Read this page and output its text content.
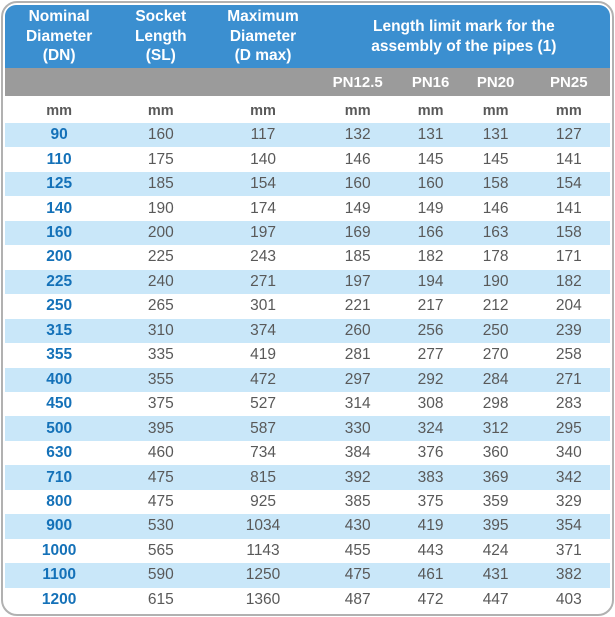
Nominal
Diameter
(DN)
Socket
Length
(SL)
Maximum
Diameter
(D max)
Length limit mark for the
assembly of the pipes (1)
PN12.5	PN16	PN20	PN25
mm	mm	mm	mm	mm	mm	mm
90	160	117	132	131	131	127
110	175	140	146	145	145	141
125	185	154	160	160	158	154
140	190	174	149	149	146	141
160	200	197	169	166	163	158
200	225	243	185	182	178	171
225	240	271	197	194	190	182
250	265	301	221	217	212	204
315	310	374	260	256	250	239
355	335	419	281	277	270	258
400	355	472	297	292	284	271
450	375	527	314	308	298	283
500	395	587	330	324	312	295
630	460	734	384	376	360	340
710	475	815	392	383	369	342
800	475	925	385	375	359	329
900	530	1034	430	419	395	354
1000	565	1143	455	443	424	371
1100	590	1250	475	461	431	382
1200	615	1360	487	472	447	403
